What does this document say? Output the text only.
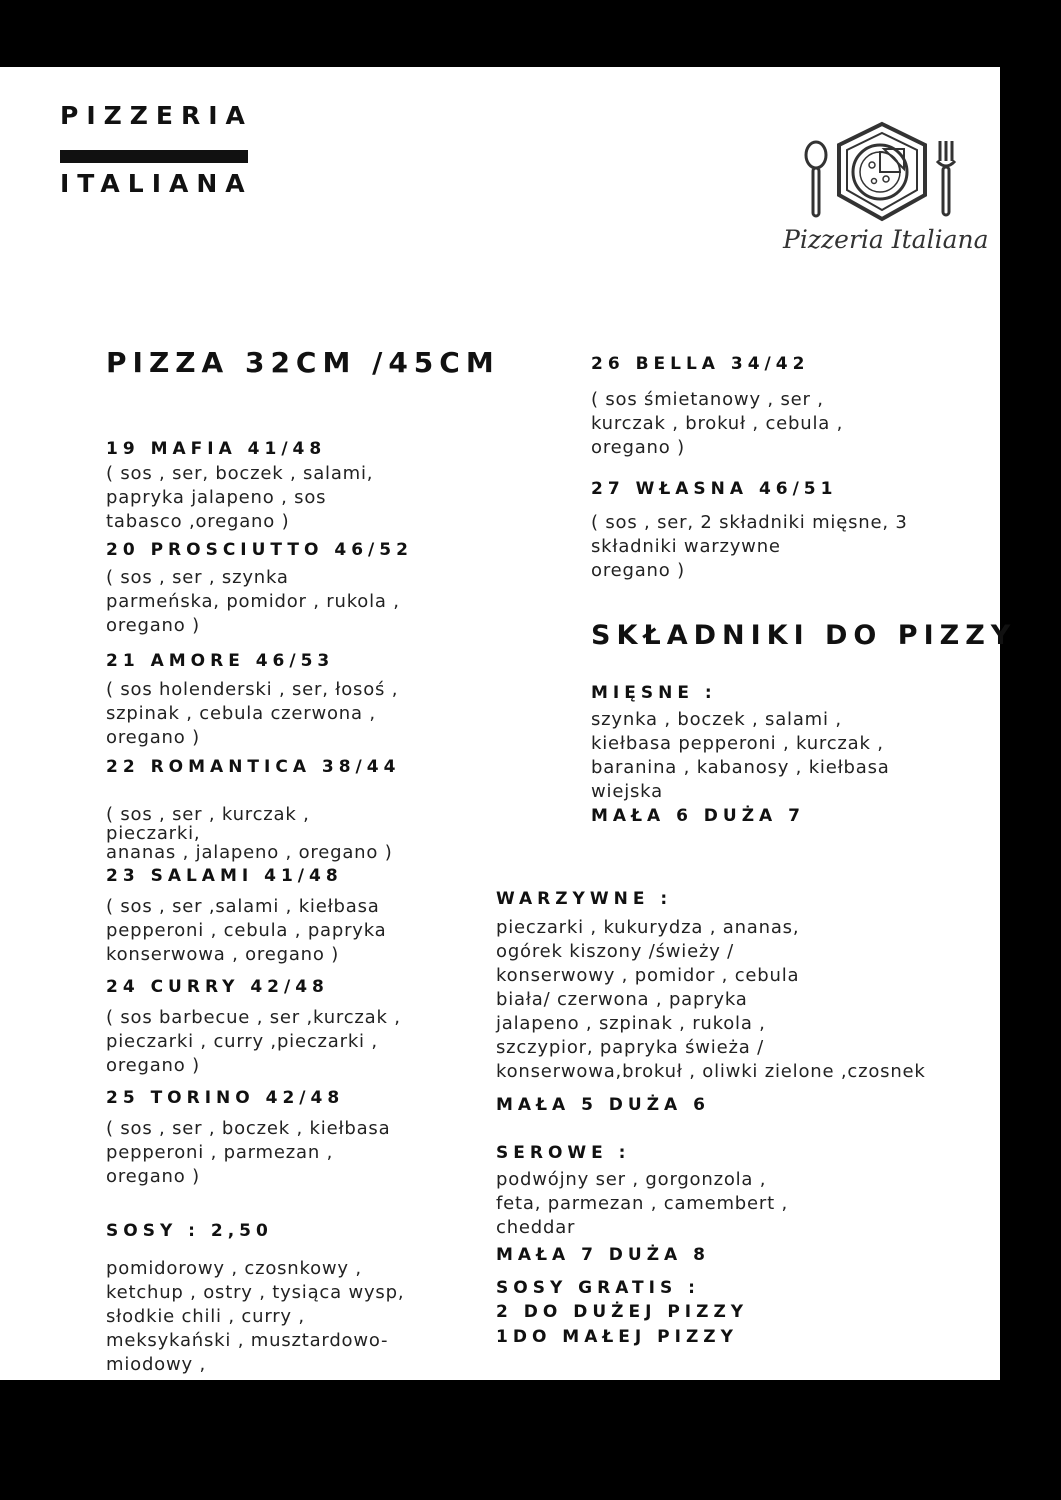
PIZZERIA
ITALIANA
Pizzeria Italiana
PIZZA 32CM /45CM
19 MAFIA 41/48
( sos , ser, boczek , salami,
papryka jalapeno , sos
tabasco ,oregano )
20 PROSCIUTTO 46/52
( sos , ser , szynka
parmeńska, pomidor , rukola ,
oregano )
21 AMORE 46/53
( sos holenderski , ser, łosoś ,
szpinak , cebula czerwona ,
oregano )
22 ROMANTICA 38/44

( sos , ser , kurczak ,
pieczarki,
ananas , jalapeno , oregano )

23 SALAMI 41/48
( sos , ser ,salami , kiełbasa
pepperoni , cebula , papryka
konserwowa , oregano )
24 CURRY 42/48
( sos barbecue , ser ,kurczak ,
pieczarki , curry ,pieczarki ,
oregano )
25 TORINO 42/48
( sos , ser , boczek , kiełbasa
pepperoni , parmezan ,
oregano )
SOSY : 2,50
pomidorowy , czosnkowy ,
ketchup , ostry , tysiąca wysp,
słodkie chili , curry ,
meksykański , musztardowo-
miodowy ,
26 BELLA 34/42
( sos śmietanowy , ser ,
kurczak , brokuł , cebula ,
oregano )
27 WŁASNA 46/51
( sos , ser, 2 składniki mięsne, 3
składniki warzywne
oregano )
SKŁADNIKI DO PIZZY
MIĘSNE :
szynka , boczek , salami ,
kiełbasa pepperoni , kurczak ,
baranina , kabanosy , kiełbasa
wiejska
MAŁA 6 DUŻA 7
WARZYWNE :
pieczarki , kukurydza , ananas,
ogórek kiszony /świeży /
konserwowy , pomidor , cebula
biała/ czerwona , papryka
jalapeno , szpinak , rukola ,
szczypior, papryka świeża /
konserwowa,brokuł , oliwki zielone ,czosnek
MAŁA 5 DUŻA 6
SEROWE :
podwójny ser , gorgonzola ,
feta, parmezan , camembert ,
cheddar
MAŁA 7 DUŻA 8
SOSY GRATIS :
2 DO DUŻEJ PIZZY
1DO MAŁEJ PIZZY
